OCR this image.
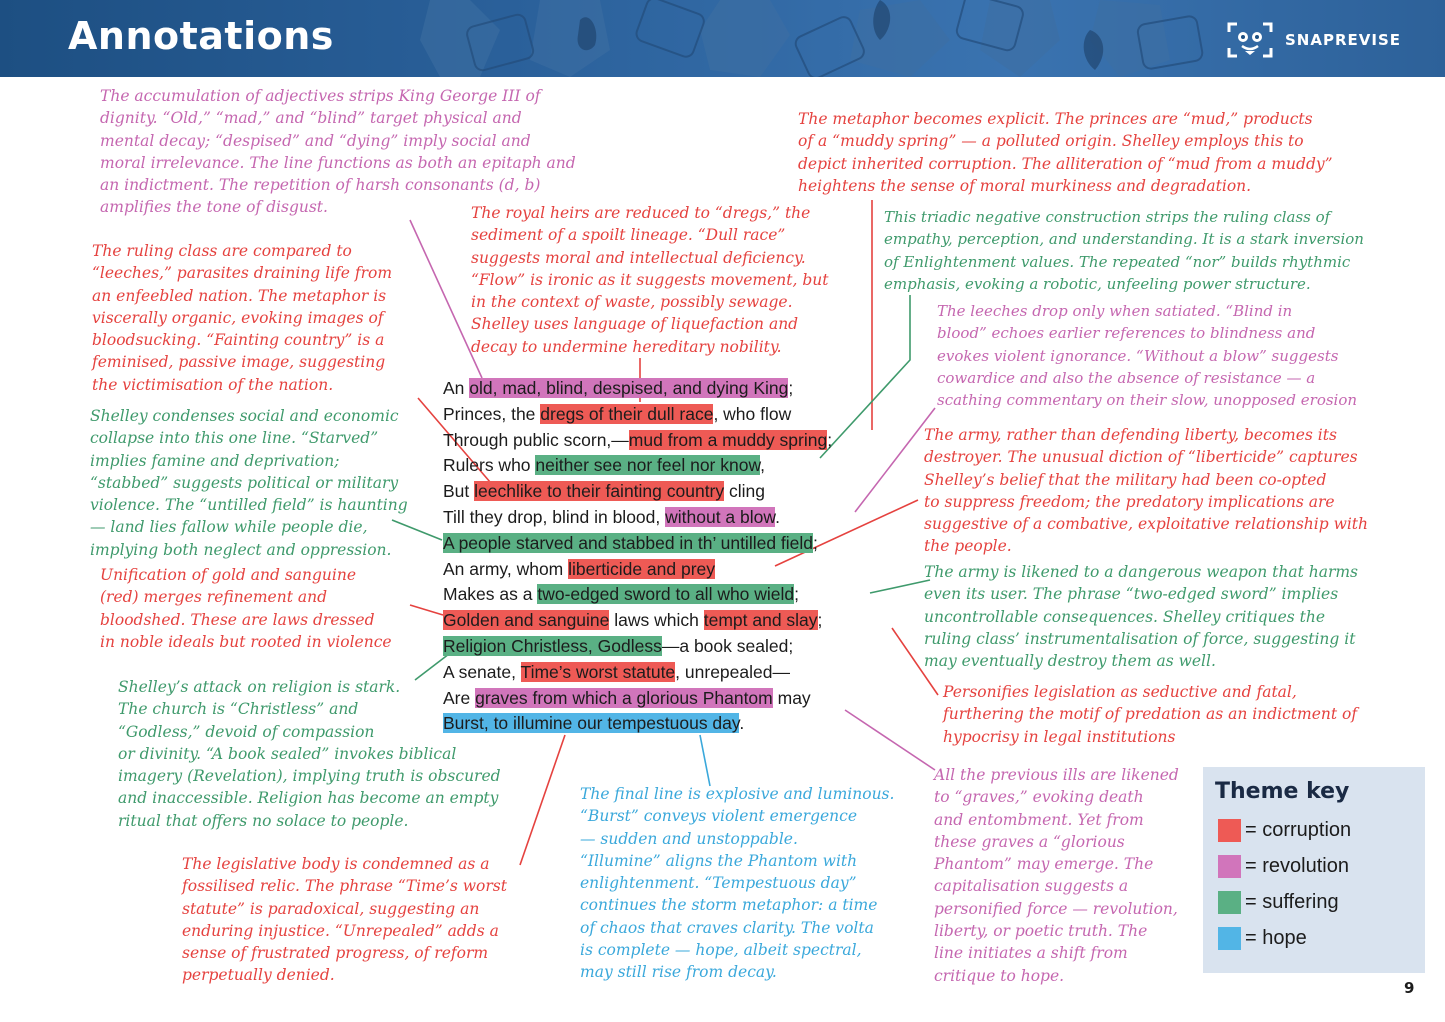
Annotations	SNAPREVISE
The accumulation of adjectives strips King George III of
dignity. “Old,” “mad,” and “blind” target physical and
mental decay; “despised” and “dying” imply social and
moral irrelevance. The line functions as both an epitaph and
an indictment. The repetition of harsh consonants (d, b)
amplifies the tone of disgust.
The metaphor becomes explicit. The princes are “mud,” products
of a “muddy spring” — a polluted origin. Shelley employs this to
depict inherited corruption. The alliteration of “mud from a muddy”
heightens the sense of moral murkiness and degradation.
The royal heirs are reduced to “dregs,” the
sediment of a spoilt lineage. “Dull race”
suggests moral and intellectual deficiency.
“Flow” is ironic as it suggests movement, but
in the context of waste, possibly sewage.
Shelley uses language of liquefaction and
decay to undermine hereditary nobility.
This triadic negative construction strips the ruling class of
empathy, perception, and understanding. It is a stark inversion
of Enlightenment values. The repeated “nor” builds rhythmic
emphasis, evoking a robotic, unfeeling power structure.
The ruling class are compared to
“leeches,” parasites draining life from
an enfeebled nation. The metaphor is
viscerally organic, evoking images of
bloodsucking. “Fainting country” is a
feminised, passive image, suggesting
the victimisation of the nation.
The leeches drop only when satiated. “Blind in
blood” echoes earlier references to blindness and
evokes violent ignorance. “Without a blow” suggests
cowardice and also the absence of resistance — a
scathing commentary on their slow, unopposed erosion
Shelley condenses social and economic
collapse into this one line. “Starved”
implies famine and deprivation;
“stabbed” suggests political or military
violence. The “untilled field” is haunting
— land lies fallow while people die,
implying both neglect and oppression.
The army, rather than defending liberty, becomes its
destroyer. The unusual diction of “liberticide” captures
Shelley’s belief that the military had been co-opted
to suppress freedom; the predatory implications are
suggestive of a combative, exploitative relationship with
the people.
Unification of gold and sanguine
(red) merges refinement and
bloodshed. These are laws dressed
in noble ideals but rooted in violence
The army is likened to a dangerous weapon that harms
even its user. The phrase “two-edged sword” implies
uncontrollable consequences. Shelley critiques the
ruling class’ instrumentalisation of force, suggesting it
may eventually destroy them as well.
Shelley’s attack on religion is stark.
The church is “Christless” and
“Godless,” devoid of compassion
or divinity. “A book sealed” invokes biblical
imagery (Revelation), implying truth is obscured
and inaccessible. Religion has become an empty
ritual that offers no solace to people.
Personifies legislation as seductive and fatal,
furthering the motif of predation as an indictment of
hypocrisy in legal institutions
All the previous ills are likened
to “graves,” evoking death
and entombment. Yet from
these graves a “glorious
Phantom” may emerge. The
capitalisation suggests a
personified force — revolution,
liberty, or poetic truth. The
line initiates a shift from
critique to hope.
The final line is explosive and luminous.
“Burst” conveys violent emergence
— sudden and unstoppable.
“Illumine” aligns the Phantom with
enlightenment. “Tempestuous day”
continues the storm metaphor: a time
of chaos that craves clarity. The volta
is complete — hope, albeit spectral,
may still rise from decay.
The legislative body is condemned as a
fossilised relic. The phrase “Time’s worst
statute” is paradoxical, suggesting an
enduring injustice. “Unrepealed” adds a
sense of frustrated progress, of reform
perpetually denied.
An old, mad, blind, despised, and dying King;
Princes, the dregs of their dull race, who flow
Through public scorn,—mud from a muddy spring;
Rulers who neither see nor feel nor know,
But leechlike to their fainting country cling
Till they drop, blind in blood, without a blow.
A people starved and stabbed in th’ untilled field;
An army, whom liberticide and prey
Makes as a two-edged sword to all who wield;
Golden and sanguine laws which tempt and slay;
Religion Christless, Godless—a book sealed;
A senate, Time’s worst statute, unrepealed—
Are graves from which a glorious Phantom may
Burst, to illumine our tempestuous day.
Theme key
= corruption
= revolution
= suffering
= hope
9
